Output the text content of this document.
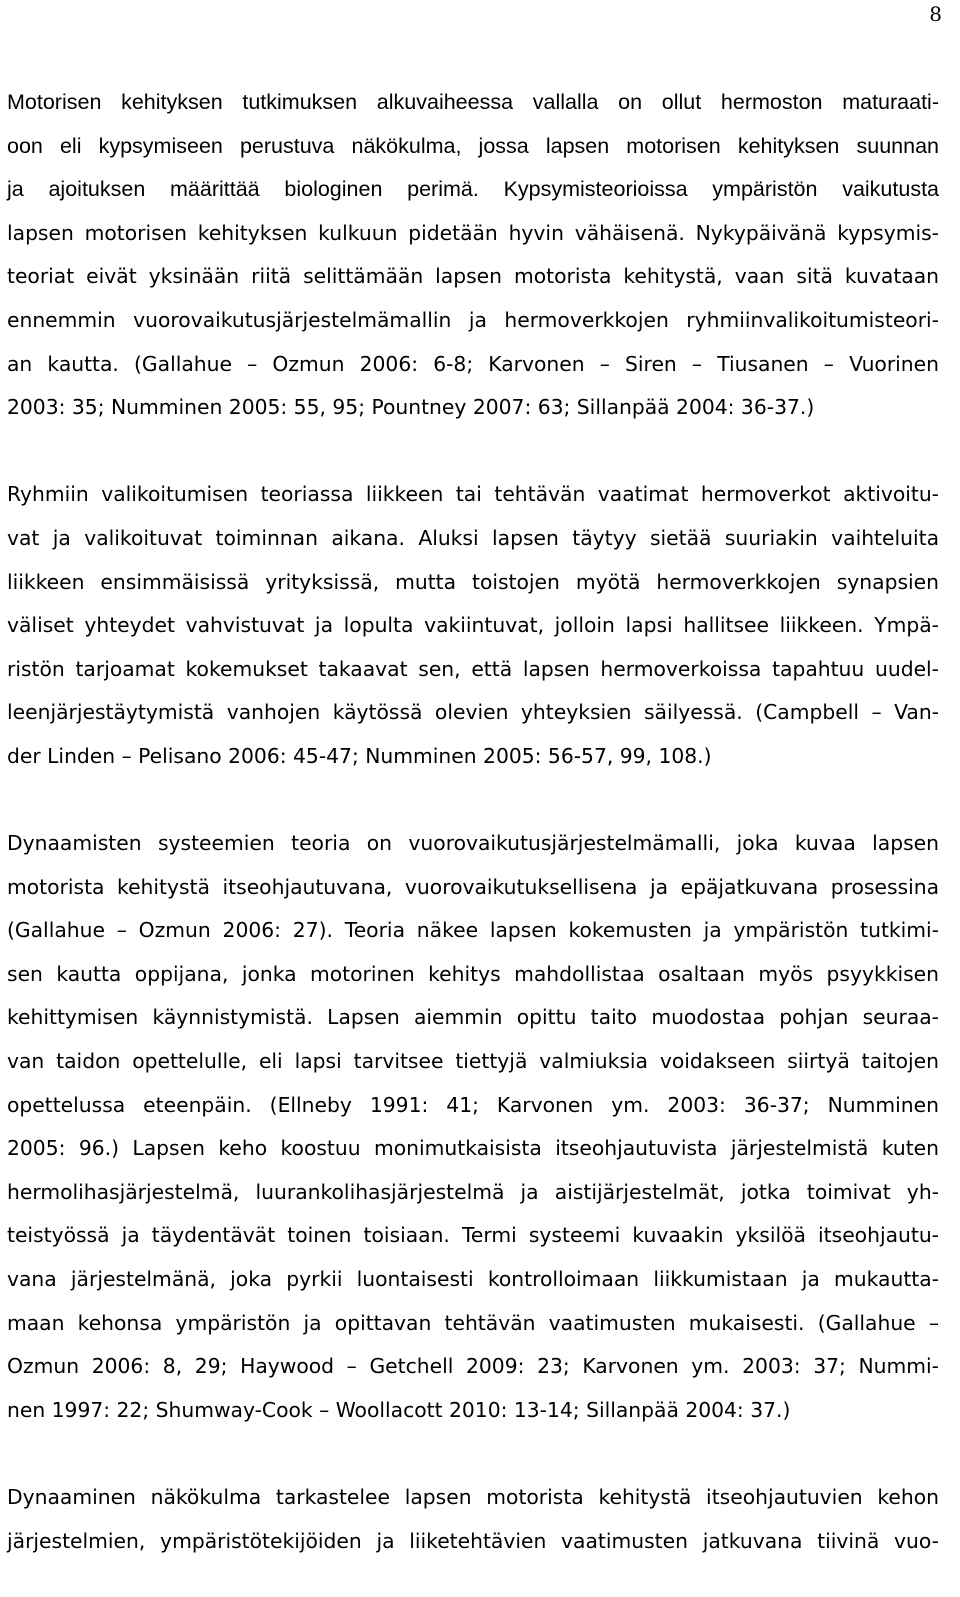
8
Motorisen kehityksen tutkimuksen alkuvaiheessa vallalla on ollut hermoston maturaati-
oon eli kypsymiseen perustuva näkökulma, jossa lapsen motorisen kehityksen suunnan
ja ajoituksen määrittää biologinen perimä. Kypsymisteorioissa ympäristön vaikutusta
lapsen motorisen kehityksen kulkuun pidetään hyvin vähäisenä. Nykypäivänä kypsymis-
teoriat eivät yksinään riitä selittämään lapsen motorista kehitystä, vaan sitä kuvataan
ennemmin vuorovaikutusjärjestelmämallin ja hermoverkkojen ryhmiinvalikoitumisteori-
an kautta. (Gallahue – Ozmun 2006: 6-8; Karvonen – Siren – Tiusanen – Vuorinen
2003: 35; Numminen 2005: 55, 95; Pountney 2007: 63; Sillanpää 2004: 36-37.)
Ryhmiin valikoitumisen teoriassa liikkeen tai tehtävän vaatimat hermoverkot aktivoitu-
vat ja valikoituvat toiminnan aikana. Aluksi lapsen täytyy sietää suuriakin vaihteluita
liikkeen ensimmäisissä yrityksissä, mutta toistojen myötä hermoverkkojen synapsien
väliset yhteydet vahvistuvat ja lopulta vakiintuvat, jolloin lapsi hallitsee liikkeen. Ympä-
ristön tarjoamat kokemukset takaavat sen, että lapsen hermoverkoissa tapahtuu uudel-
leenjärjestäytymistä vanhojen käytössä olevien yhteyksien säilyessä. (Campbell – Van-
der Linden – Pelisano 2006: 45-47; Numminen 2005: 56-57, 99, 108.)
Dynaamisten systeemien teoria on vuorovaikutusjärjestelmämalli, joka kuvaa lapsen
motorista kehitystä itseohjautuvana, vuorovaikutuksellisena ja epäjatkuvana prosessina
(Gallahue – Ozmun 2006: 27). Teoria näkee lapsen kokemusten ja ympäristön tutkimi-
sen kautta oppijana, jonka motorinen kehitys mahdollistaa osaltaan myös psyykkisen
kehittymisen käynnistymistä. Lapsen aiemmin opittu taito muodostaa pohjan seuraa-
van taidon opettelulle, eli lapsi tarvitsee tiettyjä valmiuksia voidakseen siirtyä taitojen
opettelussa eteenpäin. (Ellneby 1991: 41; Karvonen ym. 2003: 36-37; Numminen
2005: 96.) Lapsen keho koostuu monimutkaisista itseohjautuvista järjestelmistä kuten
hermolihasjärjestelmä, luurankolihasjärjestelmä ja aistijärjestelmät, jotka toimivat yh-
teistyössä ja täydentävät toinen toisiaan. Termi systeemi kuvaakin yksilöä itseohjautu-
vana järjestelmänä, joka pyrkii luontaisesti kontrolloimaan liikkumistaan ja mukautta-
maan kehonsa ympäristön ja opittavan tehtävän vaatimusten mukaisesti. (Gallahue –
Ozmun 2006: 8, 29; Haywood – Getchell 2009: 23; Karvonen ym. 2003: 37; Nummi-
nen 1997: 22; Shumway-Cook – Woollacott 2010: 13-14; Sillanpää 2004: 37.)
Dynaaminen näkökulma tarkastelee lapsen motorista kehitystä itseohjautuvien kehon
järjestelmien, ympäristötekijöiden ja liiketehtävien vaatimusten jatkuvana tiivinä vuo-
